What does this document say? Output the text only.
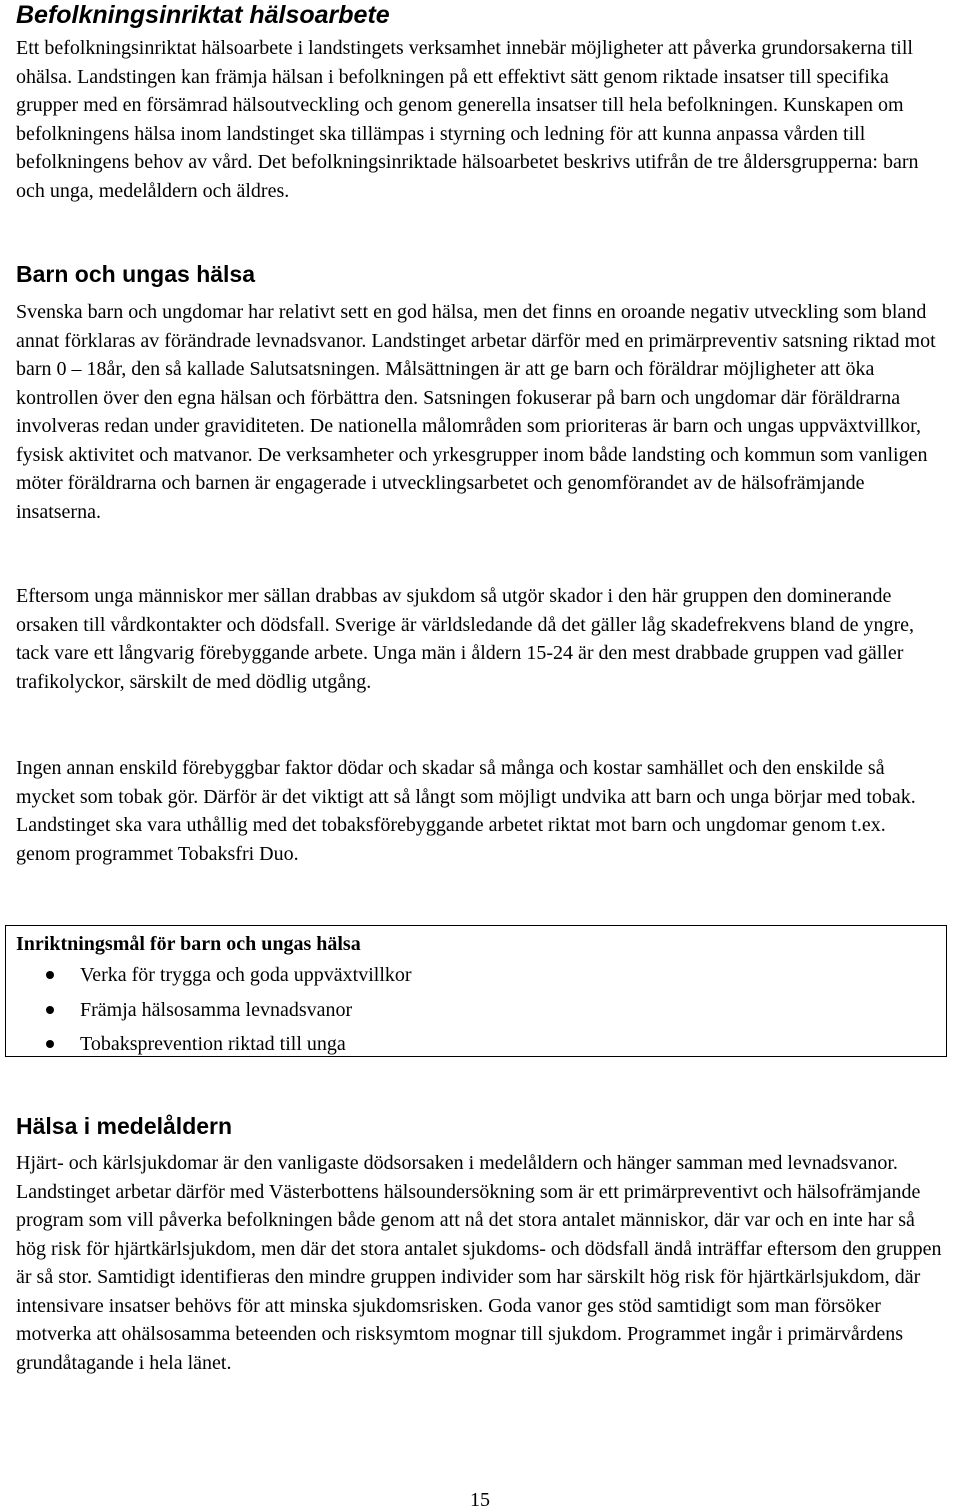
Befolkningsinriktat hälsoarbete

Ett befolkningsinriktat hälsoarbete i landstingets verksamhet innebär möjligheter att påverka grundorsakerna till ohälsa. Landstingen kan främja hälsan i befolkningen på ett effektivt sätt genom riktade insatser till specifika grupper med en försämrad hälsoutveckling och genom generella insatser till hela befolkningen. Kunskapen om befolkningens hälsa inom landstinget ska tillämpas i styrning och ledning för att kunna anpassa vården till befolkningens behov av vård. Det befolkningsinriktade hälsoarbetet beskrivs utifrån de tre åldersgrupperna: barn och unga, medelåldern och äldres.

Barn och ungas hälsa

Svenska barn och ungdomar har relativt sett en god hälsa, men det finns en oroande negativ utveckling som bland annat förklaras av förändrade levnadsvanor. Landstinget arbetar därför med en primärpreventiv satsning riktad mot barn 0 – 18år, den så kallade Salutsatsningen. Målsättningen är att ge barn och föräldrar möjligheter att öka kontrollen över den egna hälsan och förbättra den. Satsningen fokuserar på barn och ungdomar där föräldrarna involveras redan under graviditeten. De nationella målområden som prioriteras är barn och ungas uppväxtvillkor, fysisk aktivitet och matvanor. De verksamheter och yrkesgrupper inom både landsting och kommun som vanligen möter föräldrarna och barnen är engagerade i utvecklingsarbetet och genomförandet av de hälsofrämjande insatserna.

Eftersom unga människor mer sällan drabbas av sjukdom så utgör skador i den här gruppen den dominerande orsaken till vårdkontakter och dödsfall. Sverige är världsledande då det gäller låg skadefrekvens bland de yngre, tack vare ett långvarig förebyggande arbete. Unga män i åldern 15-24 är den mest drabbade gruppen vad gäller trafikolyckor, särskilt de med dödlig utgång.

Ingen annan enskild förebyggbar faktor dödar och skadar så många och kostar samhället och den enskilde så mycket som tobak gör. Därför är det viktigt att så långt som möjligt undvika att barn och unga börjar med tobak. Landstinget ska vara uthållig med det tobaksförebyggande arbetet riktat mot barn och ungdomar genom t.ex. genom programmet Tobaksfri Duo.

Inriktningsmål för barn och ungas hälsa
Verka för trygga och goda uppväxtvillkor
Främja hälsosamma levnadsvanor
Tobaksprevention riktad till unga
Hälsa i medelåldern

Hjärt- och kärlsjukdomar är den vanligaste dödsorsaken i medelåldern och hänger samman med levnadsvanor. Landstinget arbetar därför med Västerbottens hälsoundersökning som är ett primärpreventivt och hälsofrämjande program som vill påverka befolkningen både genom att nå det stora antalet människor, där var och en inte har så hög risk för hjärtkärlsjukdom, men där det stora antalet sjukdoms- och dödsfall ändå inträffar eftersom den gruppen är så stor. Samtidigt identifieras den mindre gruppen individer som har särskilt hög risk för hjärtkärlsjukdom, där intensivare insatser behövs för att minska sjukdomsrisken. Goda vanor ges stöd samtidigt som man försöker motverka att ohälsosamma beteenden och risksymtom mognar till sjukdom. Programmet ingår i primärvårdens grundåtagande i hela länet.

15
